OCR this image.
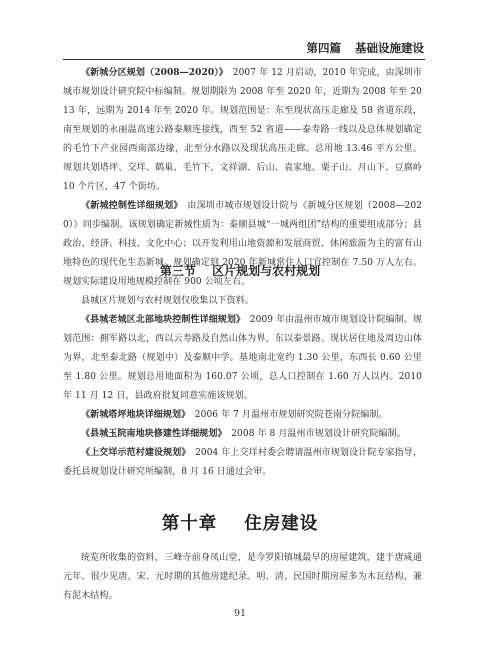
第四篇 基础设施建设

《新城分区规划（2008—2020）》　2007 年 12 月启动，2010 年完成，由深圳市城市规划设计研究院中标编制。规划期限为 2008 年至 2020 年，近期为 2008 年至 2013 年，远期为 2014 年至 2020 年。规划范围是：东至现状高压走廊及 58 省道东段，南至规划的永丽温高速公路泰顺连接线，西至 52 省道——泰寿路一线以及总体规划确定的毛竹下产业园西南部边缘，北至分水路以及现状高压走廊。总用地 13.46 平方公里。规划共划塔坪、交垟、鹤巢、毛竹下、文祥湖、后山、袁家地、栗子山、月山下、豆腐岭 10 个片区，47 个街坊。

《新城控制性详细规划》　由深圳市城市规划设计院与《新城分区规划（2008—2020）》同步编制。该规划确定新城性质为：泰顺县城“一城两组团”结构的重要组成部分；县政治、经济、科技、文化中心；以开发利用山地资源和发展商贸、休闲旅游为主的富有山地特色的现代化生态新城。规划确定到 2020 年新城常住人口宜控制在 7.50 万人左右。规划实际建设用地规模控制在 900 公顷左右。

第三节 区片规划与农村规划

县城区片规划与农村规划仅收集以下资料。

《县城老城区北部地块控制性详细规划》　2009 年由温州市城市规划设计院编制。规划范围：拥军路以北，西以云寿路及自然山体为界，东以泰景路。现状居住地及周边山体为界，北至泰北路（规划中）及泰顺中学。基地南北宽约 1.30 公里，东西长 0.60 公里至 1.80 公里。规划总用地面积为 160.07 公顷，总人口控制在 1.60 万人以内。2010 年 11 月 12 日，县政府批复同意实施该规划。

《新城塔坪地块详细规划》　2006 年 7 月温州市规划研究院苍南分院编制。

《县城玉院南地块修建性详细规划》　2008 年 8 月温州市规划设计研究院编制。

《上交垟示范村建设规划》　2004 年上交垟村委会聘请温州市规划设计院专家指导，委托县规划设计研究所编制，8 月 16 日通过会审。

第十章 住房建设

统览所收集的资料，三峰寺前身凤山堂，是今罗阳镇城最早的房屋建筑，建于唐咸通元年。很少见唐、宋、元时期的其他房建纪录。明、清、民国时期房屋多为木瓦结构，兼有泥木结构。

91
